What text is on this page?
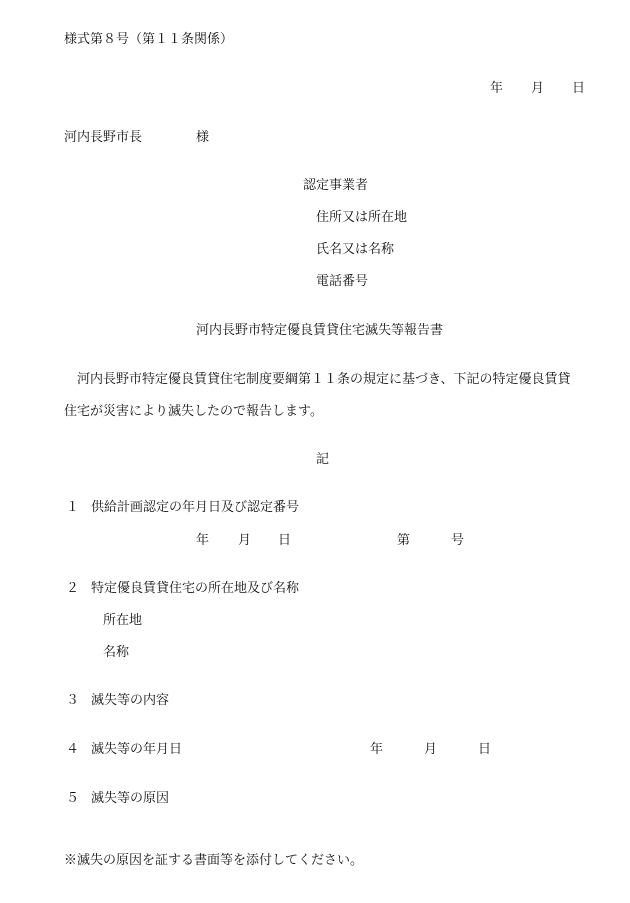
様式第８号（第１１条関係）
年 月 日
河内長野市長	様
認定事業者
住所又は所在地
氏名又は名称
電話番号
河内長野市特定優良賃貸住宅滅失等報告書
河内長野市特定優良賃貸住宅制度要綱第１１条の規定に基づき、下記の特定優良賃貸
住宅が災害により滅失したので報告します。
記
１ 供給計画認定の年月日及び認定番号
年 月 日	第	号
２ 特定優良賃貸住宅の所在地及び名称
所在地
名称
３ 滅失等の内容
４ 滅失等の年月日	年	月	日
５ 滅失等の原因
※滅失の原因を証する書面等を添付してください。
